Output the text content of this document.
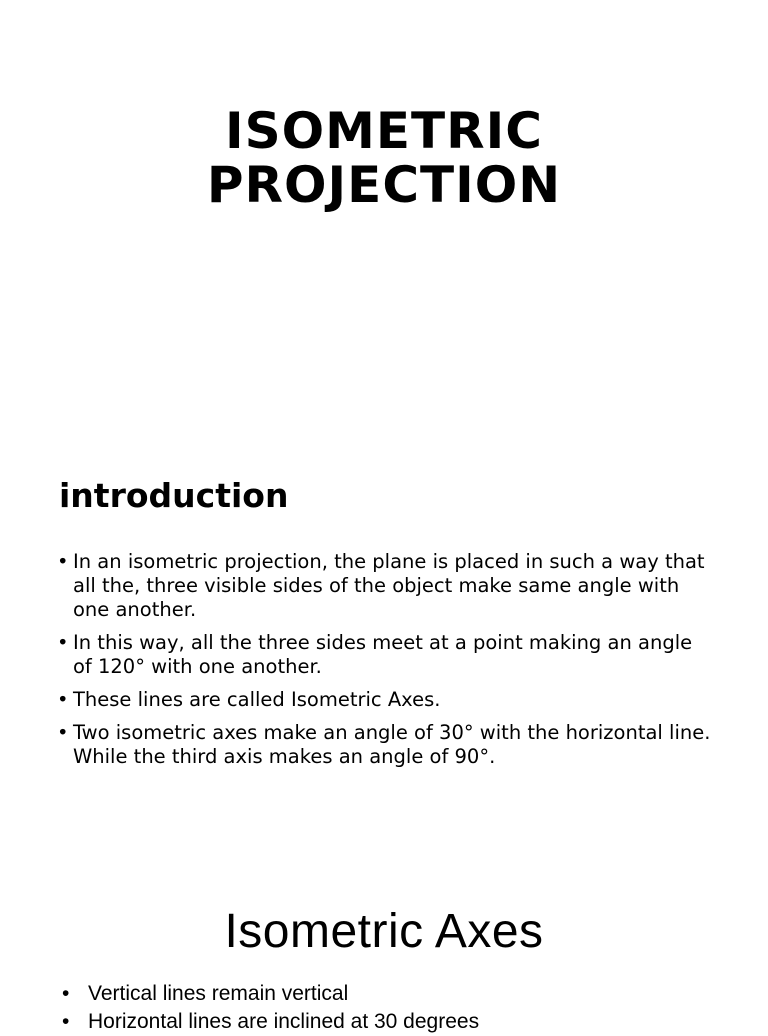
ISOMETRIC
PROJECTION
introduction
• In an isometric projection, the plane is placed in such a way that all the, three visible sides of the object make same angle with one another.
• In this way, all the three sides meet at a point making an angle of 120° with one another.
• These lines are called Isometric Axes.
• Two isometric axes make an angle of 30° with the horizontal line. While the third axis makes an angle of 90°.
Isometric Axes
• Vertical lines remain vertical
• Horizontal lines are inclined at 30 degrees
